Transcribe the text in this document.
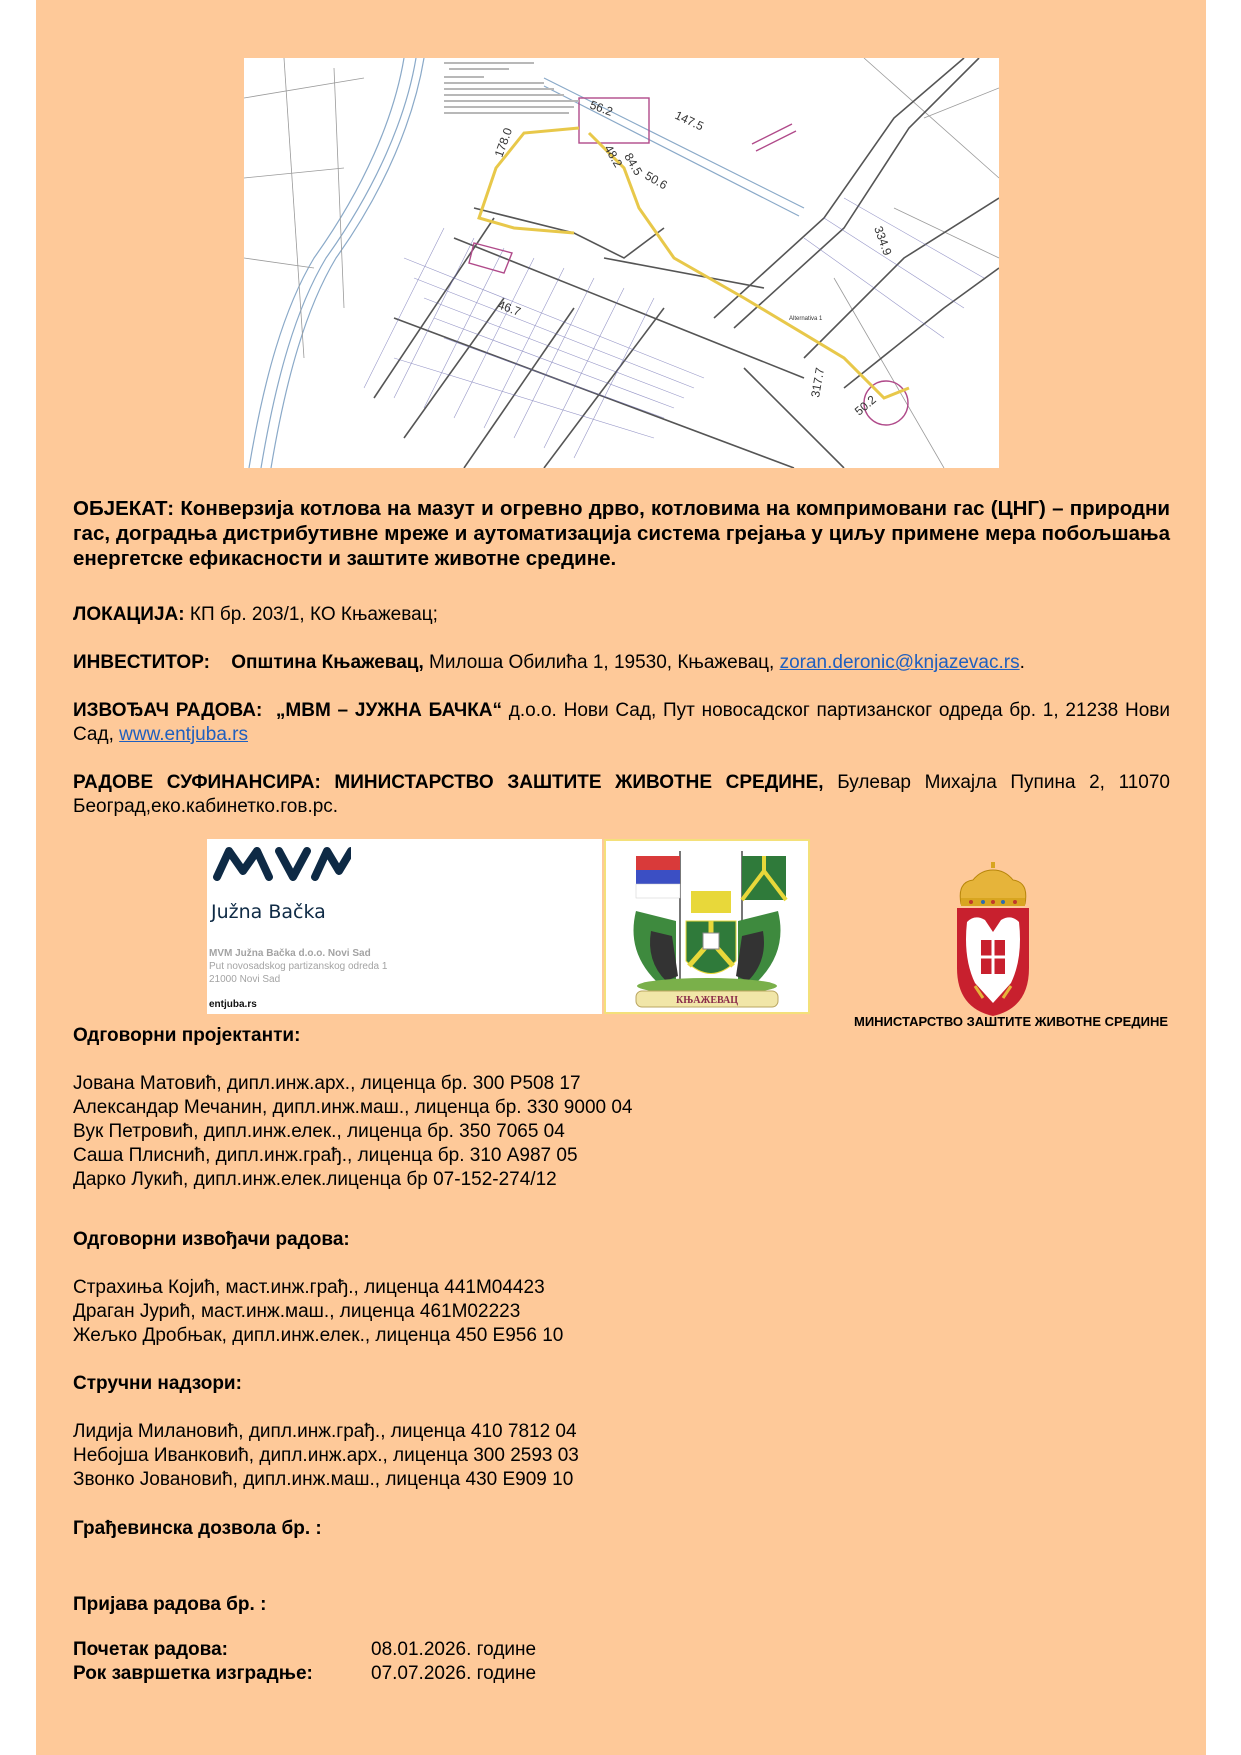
178.0
56.2	147.5
48.2
84.5
50.6
46.7
334.9
317.7
50.2
Alternativa 1
ОБЈЕКАТ: Конверзија котлова на мазут и огревно дрво, котловима на компримовани гас (ЦНГ) – природни гас, доградња дистрибутивне мреже и аутоматизација система грејања у циљу примене мера побољшања енергетске ефикасности и заштите животне средине.
ЛОКАЦИЈА: КП бр. 203/1, КО Књажевац;
ИНВЕСТИТОР: Општина Књажевац, Милоша Обилића 1, 19530, Књажевац, zoran.deronic@knjazevac.rs.
ИЗВОЂАЧ РАДОВА: „МВМ – ЈУЖНА БАЧКА“ д.о.о. Нови Сад, Пут новосадског партизанског одреда бр. 1, 21238 Нови Сад, www.entjuba.rs
РАДОВЕ СУФИНАНСИРА: МИНИСТАРСТВО ЗАШТИТЕ ЖИВОТНЕ СРЕДИНЕ, Булевар Михајла Пупина 2, 11070 Београд,еко.кабинетко.гов.рс.
Južna Bačka
MVM Južna Bačka d.o.o. Novi Sad
Put novosadskog partizanskog odreda 1
21000 Novi Sad
entjuba.rs	КЊАЖЕВАЦ
МИНИСТАРСТВО ЗАШТИТЕ ЖИВОТНЕ СРЕДИНЕ
Одговорни пројектанти:
Јована Матовић, дипл.инж.арх., лиценца бр. 300 Р508 17
Александар Мечанин, дипл.инж.маш., лиценца бр. 330 9000 04
Вук Петровић, дипл.инж.елек., лиценца бр. 350 7065 04
Саша Плиснић, дипл.инж.грађ., лиценца бр. 310 А987 05
Дарко Лукић, дипл.инж.елек.лиценца бр 07-152-274/12
Одговорни извођачи радова:
Страхиња Којић, маст.инж.грађ., лиценца 441М04423
Драган Јурић, маст.инж.маш., лиценца 461М02223
Жељко Дробњак, дипл.инж.елек., лиценца 450 Е956 10
Стручни надзори:
Лидија Милановић, дипл.инж.грађ., лиценца 410 7812 04
Небојша Иванковић, дипл.инж.арх., лиценца 300 2593 03
Звонко Јовановић, дипл.инж.маш., лиценца 430 Е909 10
Грађевинска дозвола бр. :
Пријава радова бр. :
Почетак радова:	08.01.2026. године
Рок завршетка изградње:	07.07.2026. године
